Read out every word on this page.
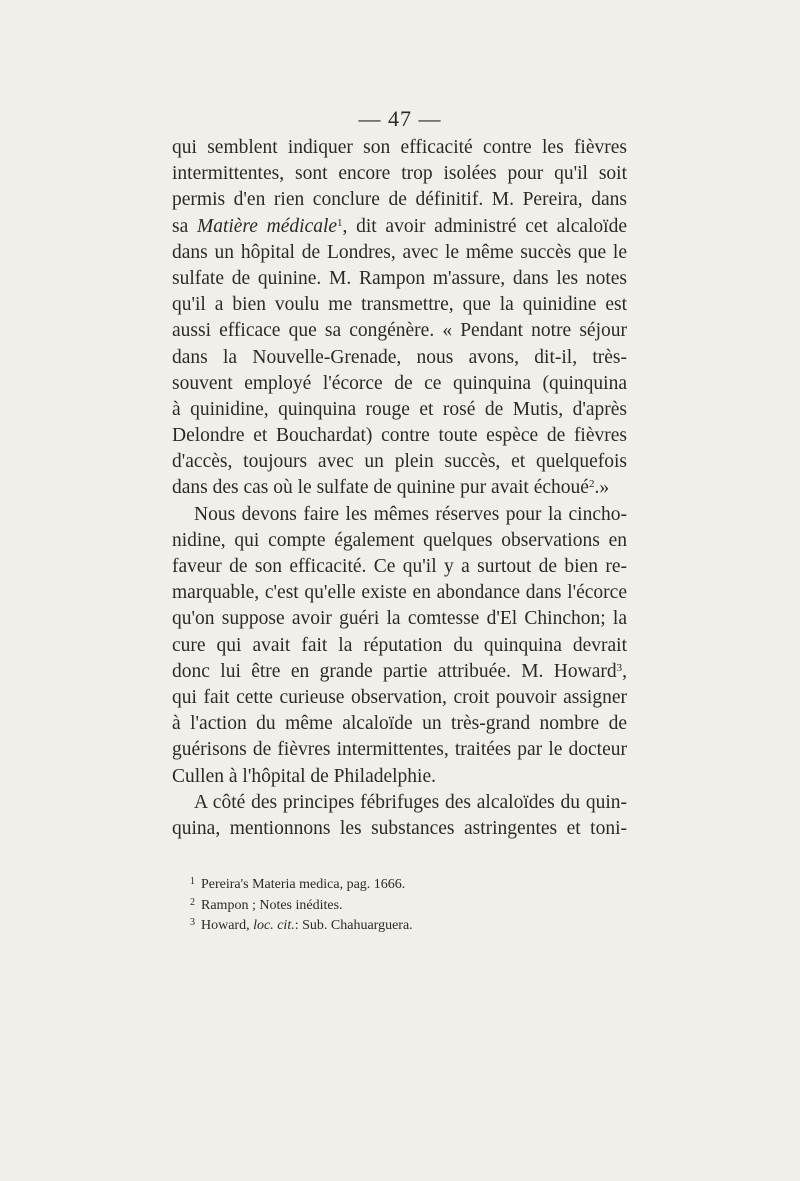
— 47 —
qui semblent indiquer son efficacité contre les fièvres
intermittentes, sont encore trop isolées pour qu'il soit
permis d'en rien conclure de définitif. M. Pereira, dans
sa Matière médicale$^1$, dit avoir administré cet alcaloïde
dans un hôpital de Londres, avec le même succès que le
sulfate de quinine. M. Rampon m'assure, dans les notes
qu'il a bien voulu me transmettre, que la quinidine est
aussi efficace que sa congénère. « Pendant notre séjour
dans la Nouvelle-Grenade, nous avons, dit-il, très-
souvent employé l'écorce de ce quinquina (quinquina
à quinidine, quinquina rouge et rosé de Mutis, d'après
Delondre et Bouchardat) contre toute espèce de fièvres
d'accès, toujours avec un plein succès, et quelquefois
dans des cas où le sulfate de quinine pur avait échoué$^2$.»
Nous devons faire les mêmes réserves pour la cincho-
nidine, qui compte également quelques observations en
faveur de son efficacité. Ce qu'il y a surtout de bien re-
marquable, c'est qu'elle existe en abondance dans l'écorce
qu'on suppose avoir guéri la comtesse d'El Chinchon; la
cure qui avait fait la réputation du quinquina devrait
donc lui être en grande partie attribuée. M. Howard$^3$,
qui fait cette curieuse observation, croit pouvoir assigner
à l'action du même alcaloïde un très-grand nombre de
guérisons de fièvres intermittentes, traitées par le docteur
Cullen à l'hôpital de Philadelphie.
A côté des principes fébrifuges des alcaloïdes du quin-
quina, mentionnons les substances astringentes et toni-
$^1$ Pereira's Materia medica, pag. 1666.
$^2$ Rampon ; Notes inédites.
$^3$ Howard, loc. cit.: Sub. Chahuarguera.
